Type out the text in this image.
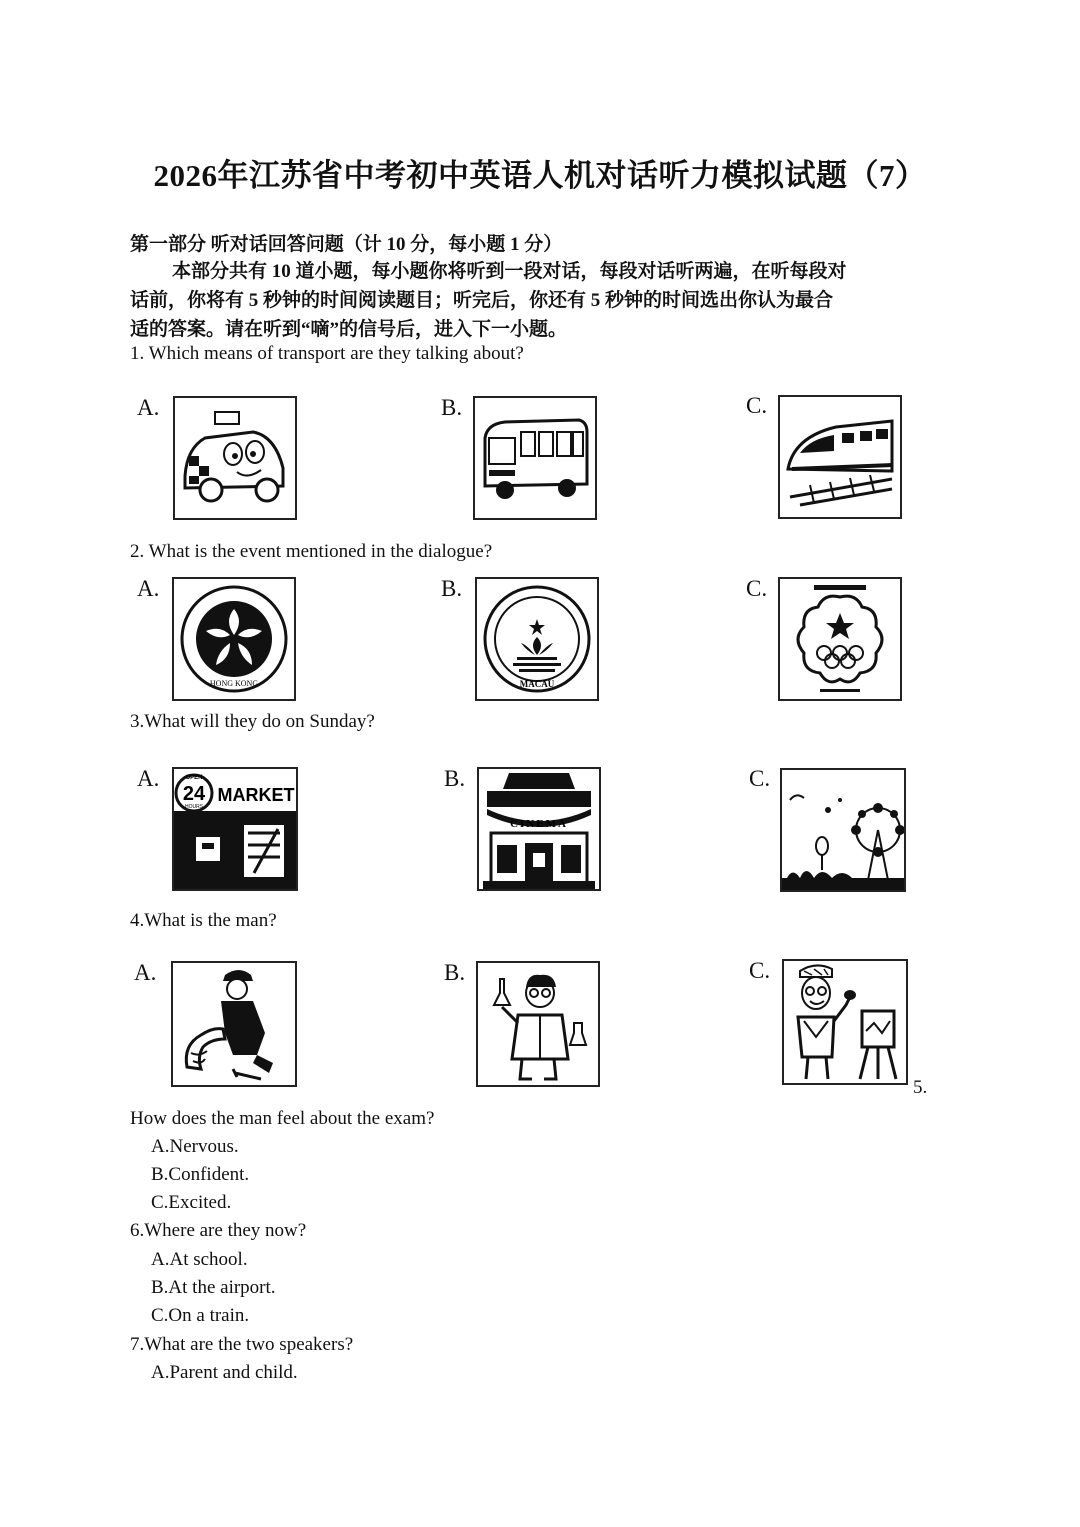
2026年江苏省中考初中英语人机对话听力模拟试题（7）
第一部分 听对话回答问题（计 10 分，每小题 1 分）

本部分共有 10 道小题，每小题你将听到一段对话，每段对话听两遍，在听每段对

话前，你将有 5 秒钟的时间阅读题目；听完后，你还有 5 秒钟的时间选出你认为最合

适的答案。请在听到“嘀”的信号后，进入下一小题。

1. Which means of transport are they talking about?
A.	B.	C.
2. What is the event mentioned in the dialogue?
A.
HONG KONG
B.
MACAU
C.
3.What will they do on Sunday?
A.	OPEN
24
HOURS
MARKET
B.
CINEMA
C.
4.What is the man?
A.	B.	C.
5.
How does the man feel about the exam?
A.Nervous.
B.Confident.
C.Excited.
6.Where are they now?
A.At school.
B.At the airport.
C.On a train.
7.What are the two speakers?
A.Parent and child.
